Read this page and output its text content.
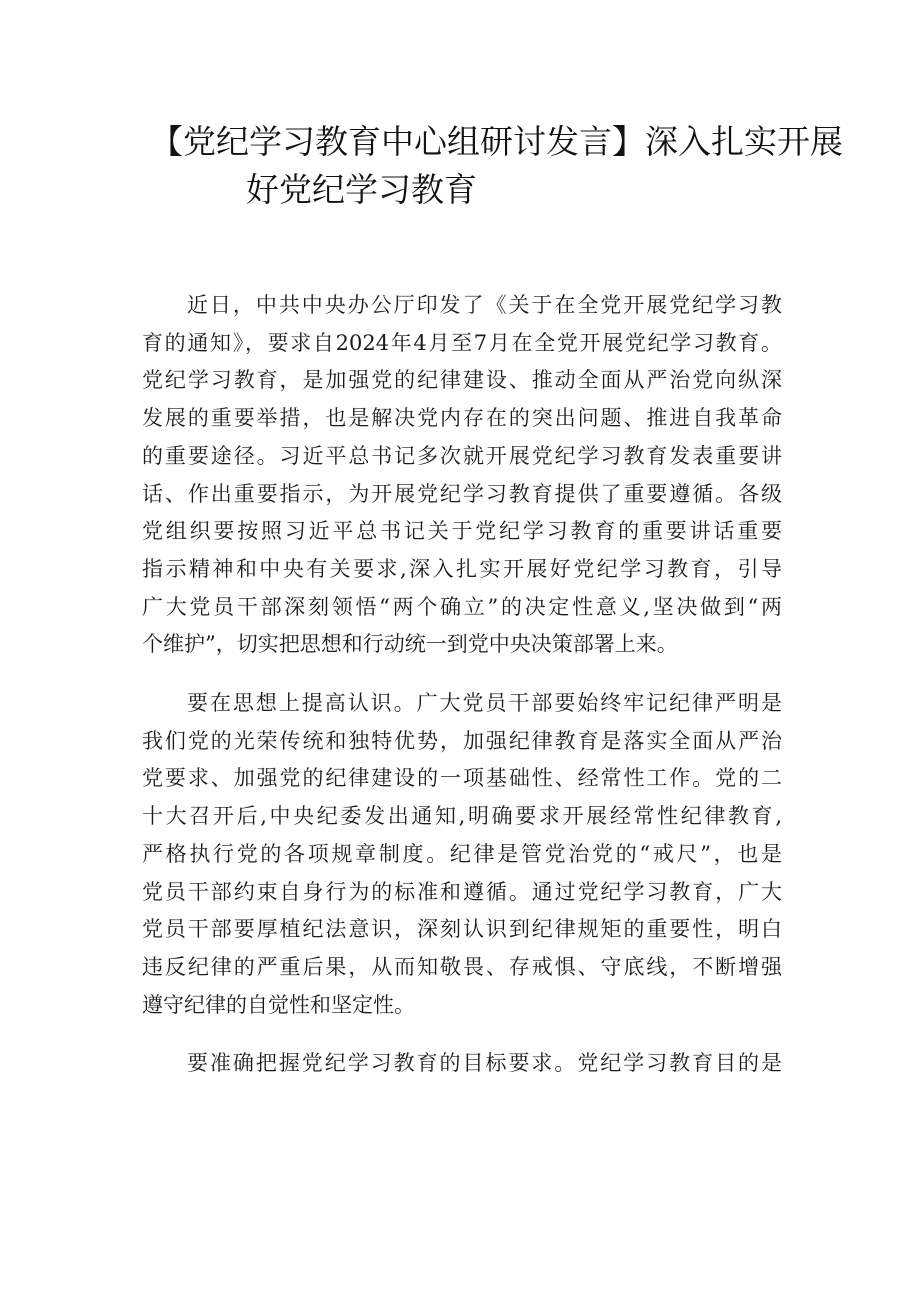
【党纪学习教育中心组研讨发言】深入扎实开展
好党纪学习教育
近日，中共中央办公厅印发了《关于在全党开展党纪学习教
育的通知》，要求自2024年4月至7月在全党开展党纪学习教育。
党纪学习教育，是加强党的纪律建设、推动全面从严治党向纵深
发展的重要举措，也是解决党内存在的突出问题、推进自我革命
的重要途径。习近平总书记多次就开展党纪学习教育发表重要讲
话、作出重要指示，为开展党纪学习教育提供了重要遵循。各级
党组织要按照习近平总书记关于党纪学习教育的重要讲话重要
指示精神和中央有关要求,深入扎实开展好党纪学习教育，引导
广大党员干部深刻领悟“两个确立”的决定性意义,坚决做到“两
个维护”，切实把思想和行动统一到党中央决策部署上来。
要在思想上提高认识。广大党员干部要始终牢记纪律严明是
我们党的光荣传统和独特优势，加强纪律教育是落实全面从严治
党要求、加强党的纪律建设的一项基础性、经常性工作。党的二
十大召开后,中央纪委发出通知,明确要求开展经常性纪律教育,
严格执行党的各项规章制度。纪律是管党治党的“戒尺”，也是
党员干部约束自身行为的标准和遵循。通过党纪学习教育，广大
党员干部要厚植纪法意识，深刻认识到纪律规矩的重要性，明白
违反纪律的严重后果，从而知敬畏、存戒惧、守底线，不断增强
遵守纪律的自觉性和坚定性。
要准确把握党纪学习教育的目标要求。党纪学习教育目的是
